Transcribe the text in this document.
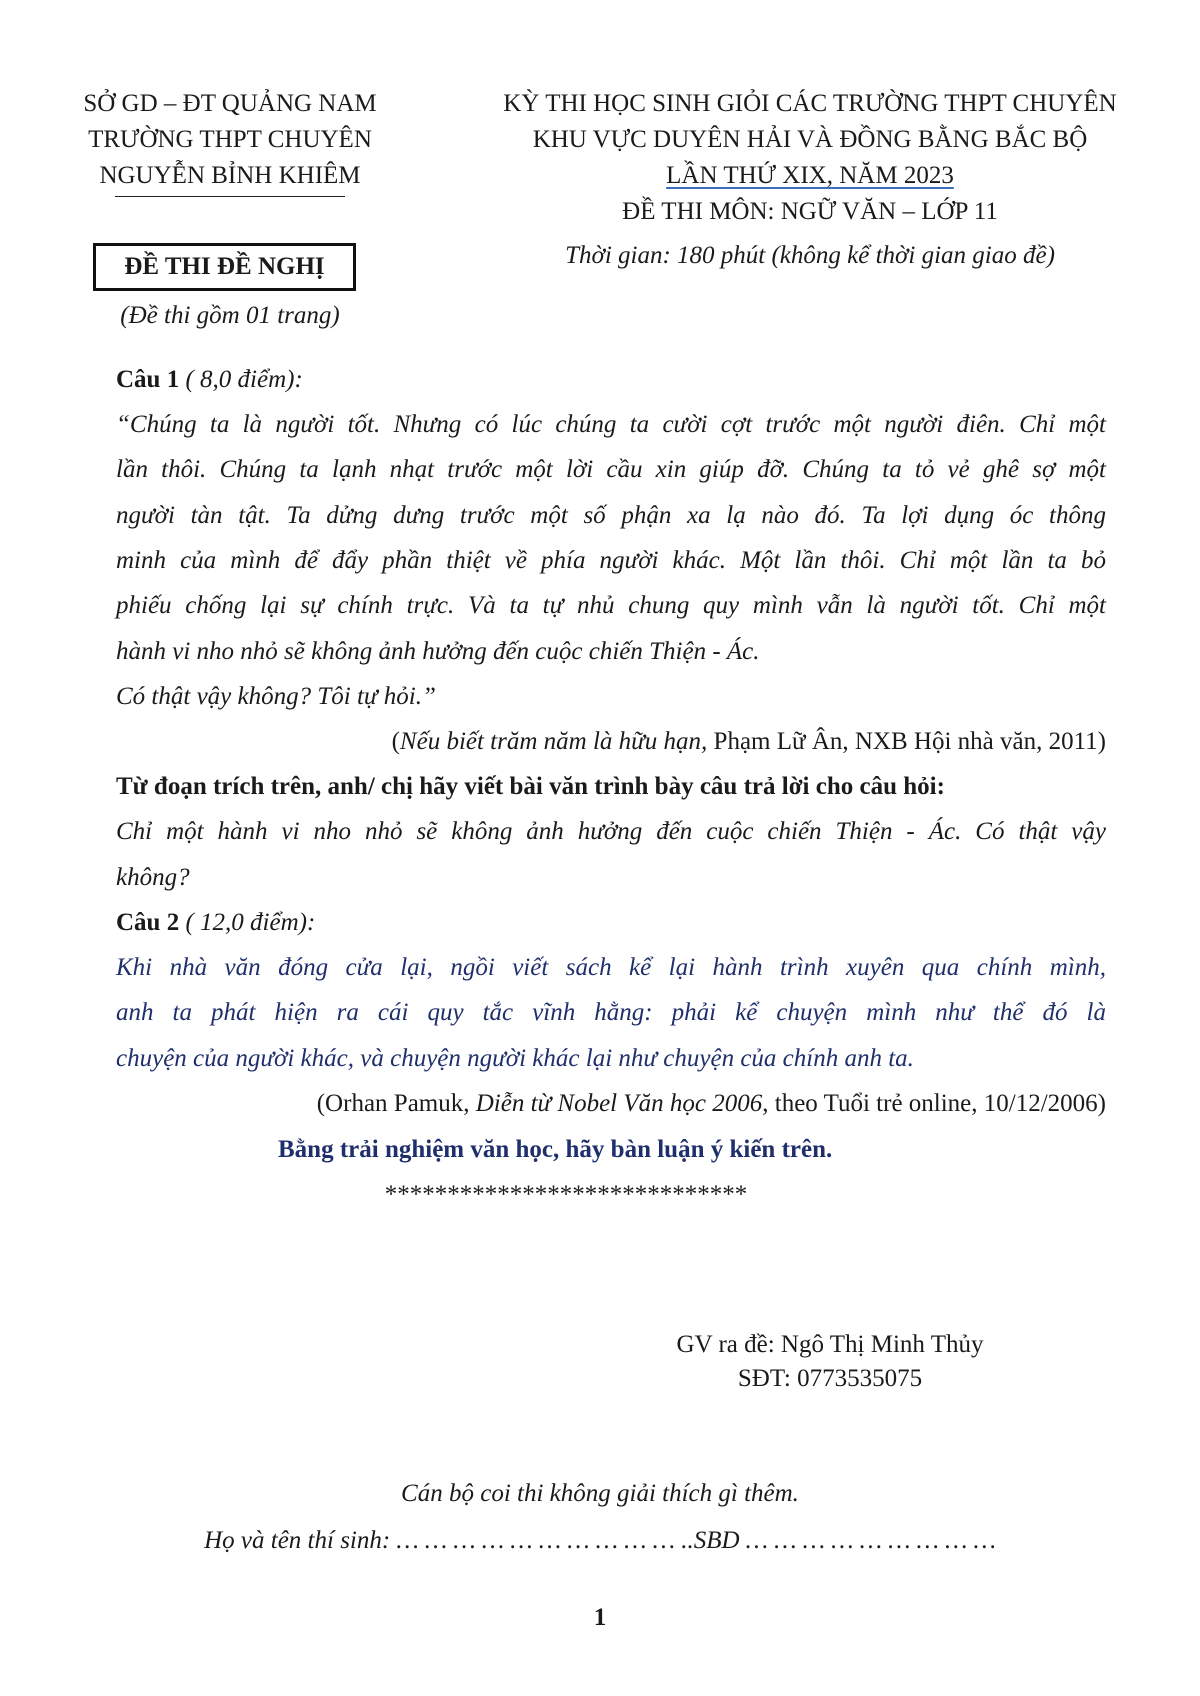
SỞ GD – ĐT QUẢNG NAM
TRƯỜNG THPT CHUYÊN
NGUYỄN BỈNH KHIÊM
KỲ THI HỌC SINH GIỎI CÁC TRƯỜNG THPT CHUYÊN
KHU VỰC DUYÊN HẢI VÀ ĐỒNG BẰNG BẮC BỘ
LẦN THỨ XIX, NĂM 2023
ĐỀ THI MÔN: NGỮ VĂN – LỚP 11
Thời gian: 180 phút (không kể thời gian giao đề)
ĐỀ THI ĐỀ NGHỊ
(Đề thi gồm 01 trang)
Câu 1 ( 8,0 điểm):
“Chúng ta là người tốt. Nhưng có lúc chúng ta cười cợt trước một người điên. Chỉ một
lần thôi. Chúng ta lạnh nhạt trước một lời cầu xin giúp đỡ. Chúng ta tỏ vẻ ghê sợ một
người tàn tật. Ta dửng dưng trước một số phận xa lạ nào đó. Ta lợi dụng óc thông
minh của mình để đẩy phần thiệt về phía người khác. Một lần thôi. Chỉ một lần ta bỏ
phiếu chống lại sự chính trực. Và ta tự nhủ chung quy mình vẫn là người tốt. Chỉ một
hành vi nho nhỏ sẽ không ảnh hưởng đến cuộc chiến Thiện - Ác.
Có thật vậy không? Tôi tự hỏi.”
(Nếu biết trăm năm là hữu hạn, Phạm Lữ Ân, NXB Hội nhà văn, 2011)
Từ đoạn trích trên, anh/ chị hãy viết bài văn trình bày câu trả lời cho câu hỏi:
Chỉ một hành vi nho nhỏ sẽ không ảnh hưởng đến cuộc chiến Thiện - Ác. Có thật vậy
không?
Câu 2 ( 12,0 điểm):
Khi nhà văn đóng cửa lại, ngồi viết sách kể lại hành trình xuyên qua chính mình,
anh ta phát hiện ra cái quy tắc vĩnh hằng: phải kể chuyện mình như thể đó là
chuyện của người khác, và chuyện người khác lại như chuyện của chính anh ta.
(Orhan Pamuk, Diễn từ Nobel Văn học 2006, theo Tuổi trẻ online, 10/12/2006)
Bằng trải nghiệm văn học, hãy bàn luận ý kiến trên.
*****************************
GV ra đề: Ngô Thị Minh Thủy
SĐT: 0773535075
Cán bộ coi thi không giải thích gì thêm.
Họ và tên thí sinh: … … … … … … … … … … ..SBD … … … … … … … … …
1
